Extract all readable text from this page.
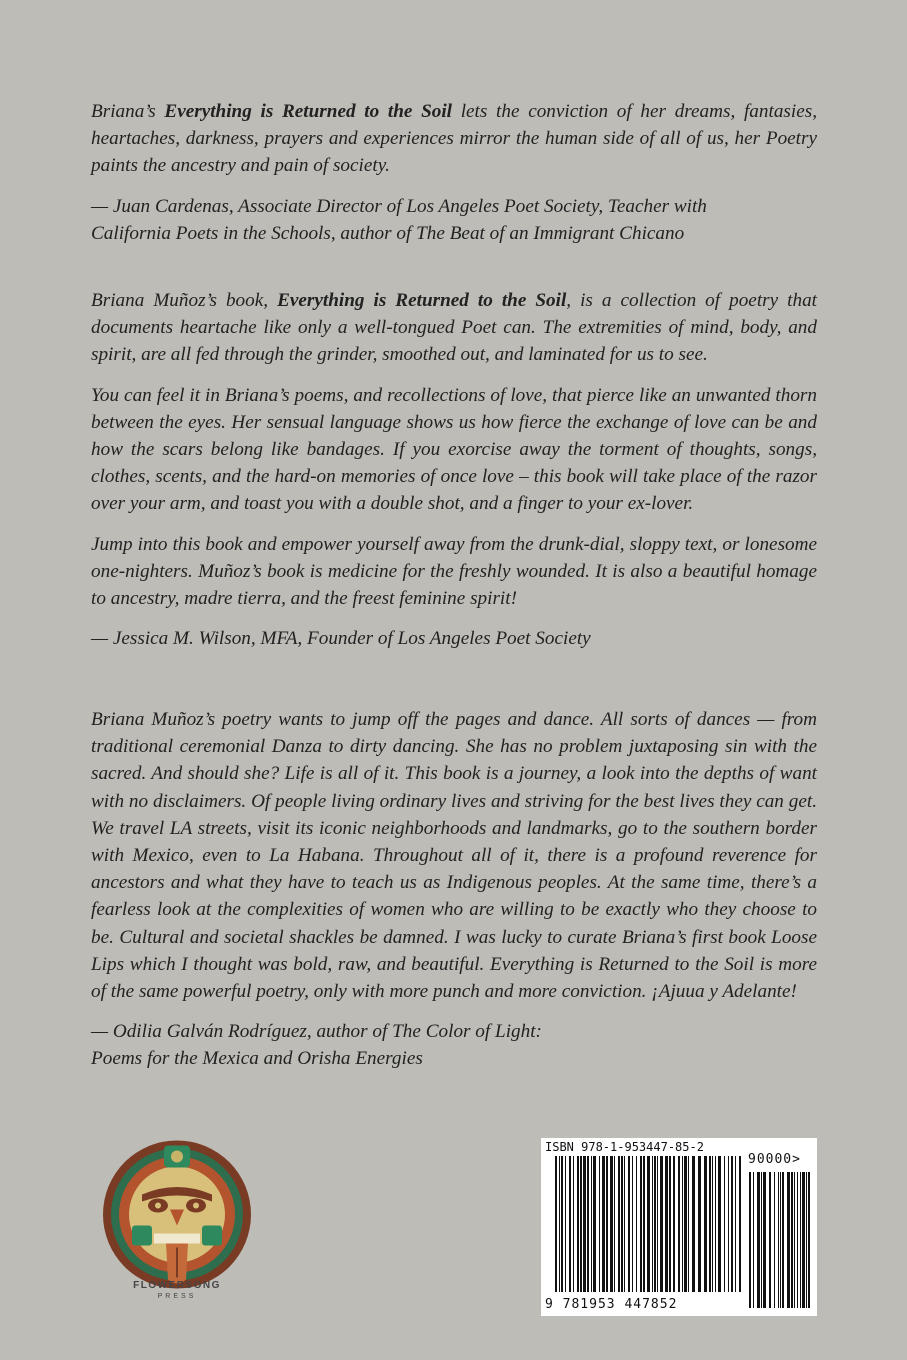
Briana’s Everything is Returned to the Soil lets the conviction of her dreams, fantasies, heartaches, darkness, prayers and experiences mirror the human side of all of us, her Poetry paints the ancestry and pain of society.

— Juan Cardenas, Associate Director of Los Angeles Poet Society, Teacher with
California Poets in the Schools, author of The Beat of an Immigrant Chicano

Briana Muñoz’s book, Everything is Returned to the Soil, is a collection of poetry that documents heartache like only a well-tongued Poet can. The extremities of mind, body, and spirit, are all fed through the grinder, smoothed out, and laminated for us to see.

You can feel it in Briana’s poems, and recollections of love, that pierce like an unwanted thorn between the eyes. Her sensual language shows us how fierce the exchange of love can be and how the scars belong like bandages. If you exorcise away the torment of thoughts, songs, clothes, scents, and the hard-on memories of once love – this book will take place of the razor over your arm, and toast you with a double shot, and a finger to your ex-lover.

Jump into this book and empower yourself away from the drunk-dial, sloppy text, or lonesome one-nighters. Muñoz’s book is medicine for the freshly wounded. It is also a beautiful homage to ancestry, madre tierra, and the freest feminine spirit!

— Jessica M. Wilson, MFA, Founder of Los Angeles Poet Society

Briana Muñoz’s poetry wants to jump off the pages and dance. All sorts of dances — from traditional ceremonial Danza to dirty dancing. She has no problem juxtaposing sin with the sacred. And should she? Life is all of it. This book is a journey, a look into the depths of want with no disclaimers. Of people living ordinary lives and striving for the best lives they can get. We travel LA streets, visit its iconic neighborhoods and landmarks, go to the southern border with Mexico, even to La Habana. Throughout all of it, there is a profound reverence for ancestors and what they have to teach us as Indigenous peoples. At the same time, there’s a fearless look at the complexities of women who are willing to be exactly who they choose to be. Cultural and societal shackles be damned. I was lucky to curate Briana’s first book Loose Lips which I thought was bold, raw, and beautiful. Everything is Returned to the Soil is more of the same powerful poetry, only with more punch and more conviction. ¡Ajuua y Adelante!

— Odilia Galván Rodríguez, author of The Color of Light:
Poems for the Mexica and Orisha Energies

FLOWERSONG
PRESS
ISBN 978-1-953447-85-2
90000>
9 781953 447852
